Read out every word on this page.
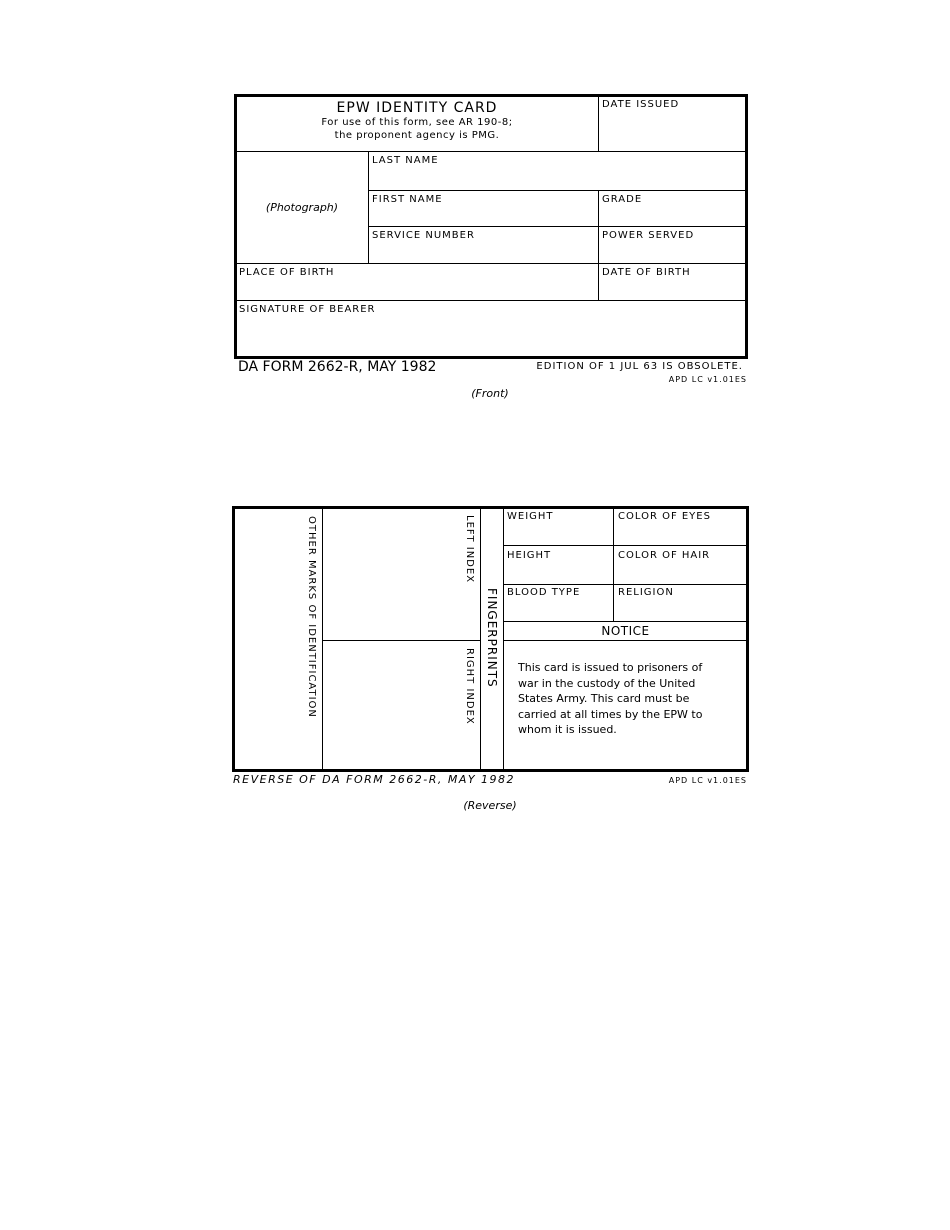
EPW IDENTITY CARD
For use of this form, see AR 190-8;
the proponent agency is PMG.
DATE ISSUED
(Photograph)
LAST NAME
FIRST NAME	GRADE
SERVICE NUMBER	POWER SERVED
PLACE OF BIRTH	DATE OF BIRTH
SIGNATURE OF BEARER
DA FORM 2662-R, MAY 1982	EDITION OF 1 JUL 63 IS OBSOLETE.
APD LC v1.01ES
(Front)
OTHER MARKS OF IDENTIFICATION	LEFT INDEX
RIGHT INDEX FINGERPRINTS
WEIGHT	COLOR OF EYES
HEIGHT	COLOR OF HAIR
BLOOD TYPE	RELIGION
NOTICE
This card is issued to prisoners of war in the custody of the United States Army. This card must be carried at all times by the EPW to whom it is issued.
REVERSE OF DA FORM 2662-R, MAY 1982	APD LC v1.01ES
(Reverse)
